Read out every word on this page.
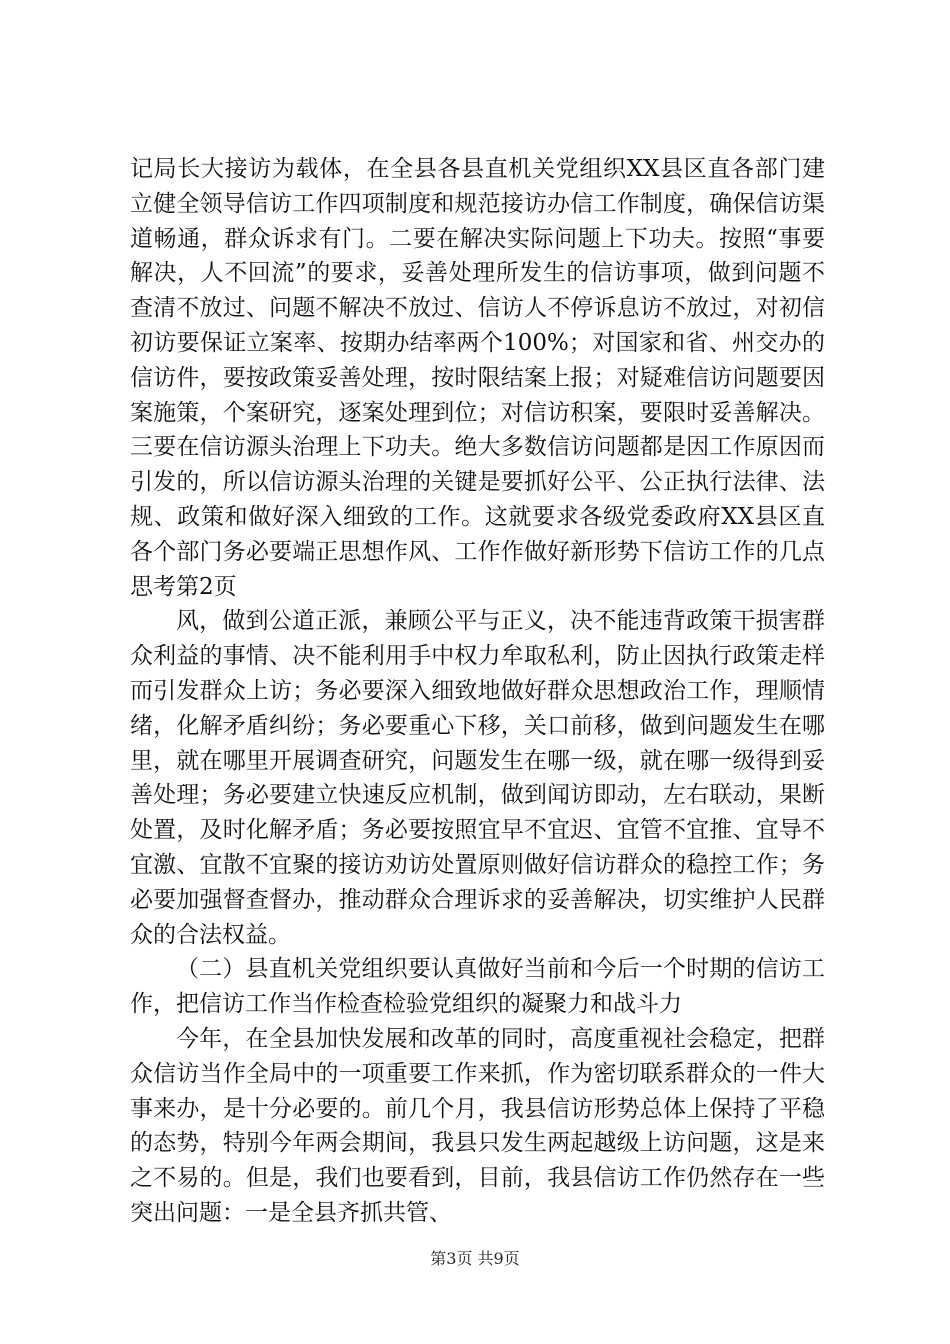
记局长大接访为载体，在全县各县直机关党组织XX县区直各部门建立健全领导信访工作四项制度和规范接访办信工作制度，确保信访渠道畅通，群众诉求有门。二要在解决实际问题上下功夫。按照“事要解决，人不回流”的要求，妥善处理所发生的信访事项，做到问题不查清不放过、问题不解决不放过、信访人不停诉息访不放过，对初信初访要保证立案率、按期办结率两个100%；对国家和省、州交办的信访件，要按政策妥善处理，按时限结案上报；对疑难信访问题要因案施策，个案研究，逐案处理到位；对信访积案，要限时妥善解决。三要在信访源头治理上下功夫。绝大多数信访问题都是因工作原因而引发的，所以信访源头治理的关键是要抓好公平、公正执行法律、法规、政策和做好深入细致的工作。这就要求各级党委政府XX县区直各个部门务必要端正思想作风、工作作做好新形势下信访工作的几点思考第2页

风，做到公道正派，兼顾公平与正义，决不能违背政策干损害群众利益的事情、决不能利用手中权力牟取私利，防止因执行政策走样而引发群众上访；务必要深入细致地做好群众思想政治工作，理顺情绪，化解矛盾纠纷；务必要重心下移，关口前移，做到问题发生在哪里，就在哪里开展调查研究，问题发生在哪一级，就在哪一级得到妥善处理；务必要建立快速反应机制，做到闻访即动，左右联动，果断处置，及时化解矛盾；务必要按照宜早不宜迟、宜管不宜推、宜导不宜激、宜散不宜聚的接访劝访处置原则做好信访群众的稳控工作；务必要加强督查督办，推动群众合理诉求的妥善解决，切实维护人民群众的合法权益。

（二）县直机关党组织要认真做好当前和今后一个时期的信访工作，把信访工作当作检查检验党组织的凝聚力和战斗力

今年，在全县加快发展和改革的同时，高度重视社会稳定，把群众信访当作全局中的一项重要工作来抓，作为密切联系群众的一件大事来办，是十分必要的。前几个月，我县信访形势总体上保持了平稳的态势，特别今年两会期间，我县只发生两起越级上访问题，这是来之不易的。但是，我们也要看到，目前，我县信访工作仍然存在一些突出问题：一是全县齐抓共管、

第3页 共9页
